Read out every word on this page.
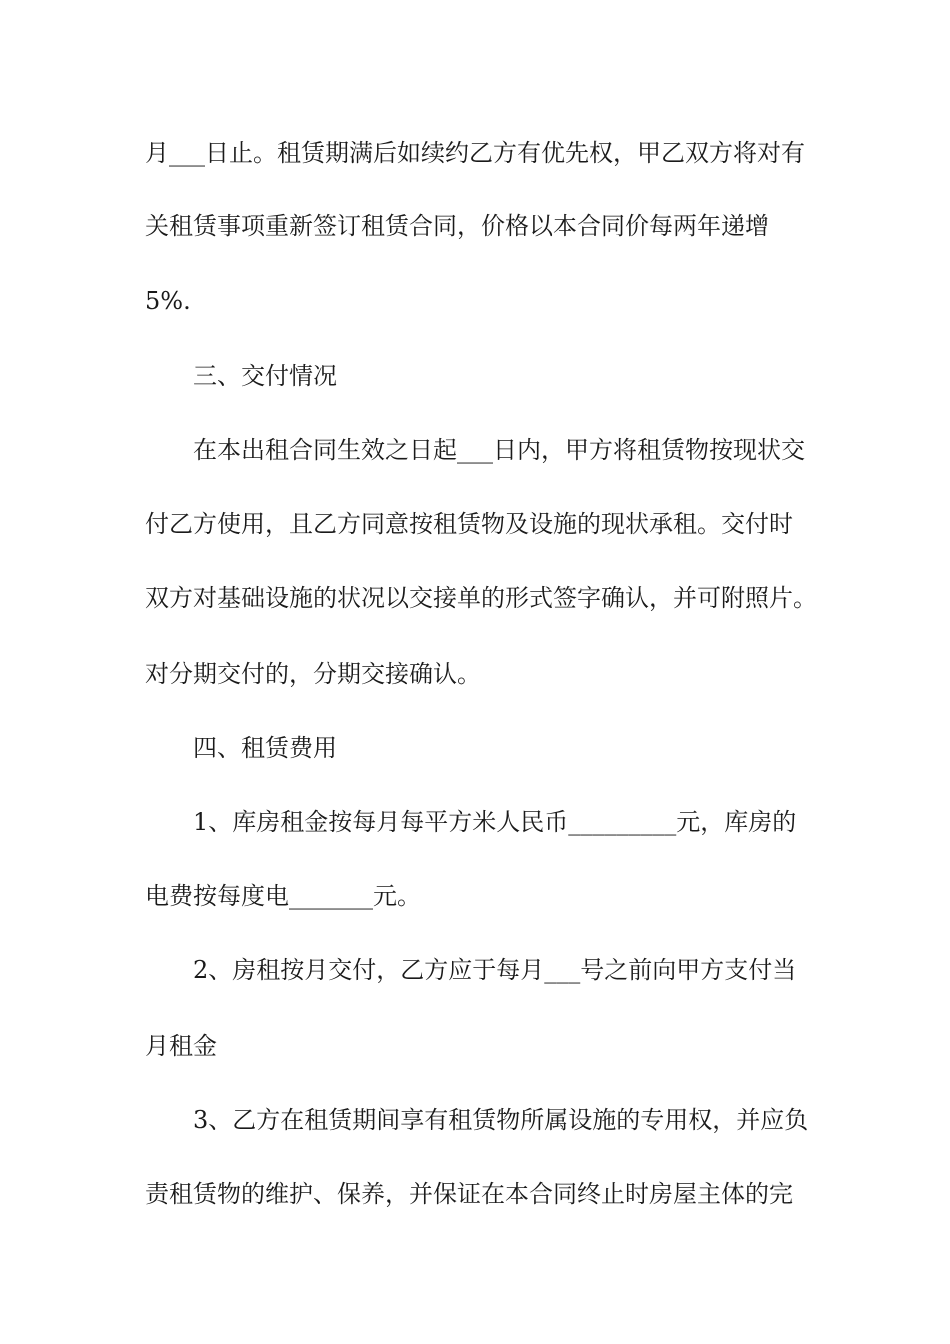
月___日止。租赁期满后如续约乙方有优先权，甲乙双方将对有
关租赁事项重新签订租赁合同，价格以本合同价每两年递增
5%.
三、交付情况
在本出租合同生效之日起___日内，甲方将租赁物按现状交
付乙方使用，且乙方同意按租赁物及设施的现状承租。交付时
双方对基础设施的状况以交接单的形式签字确认，并可附照片。
对分期交付的，分期交接确认。
四、租赁费用
1、库房租金按每月每平方米人民币_________元，库房的
电费按每度电_______元。
2、房租按月交付，乙方应于每月___号之前向甲方支付当
月租金
3、乙方在租赁期间享有租赁物所属设施的专用权，并应负
责租赁物的维护、保养，并保证在本合同终止时房屋主体的完
